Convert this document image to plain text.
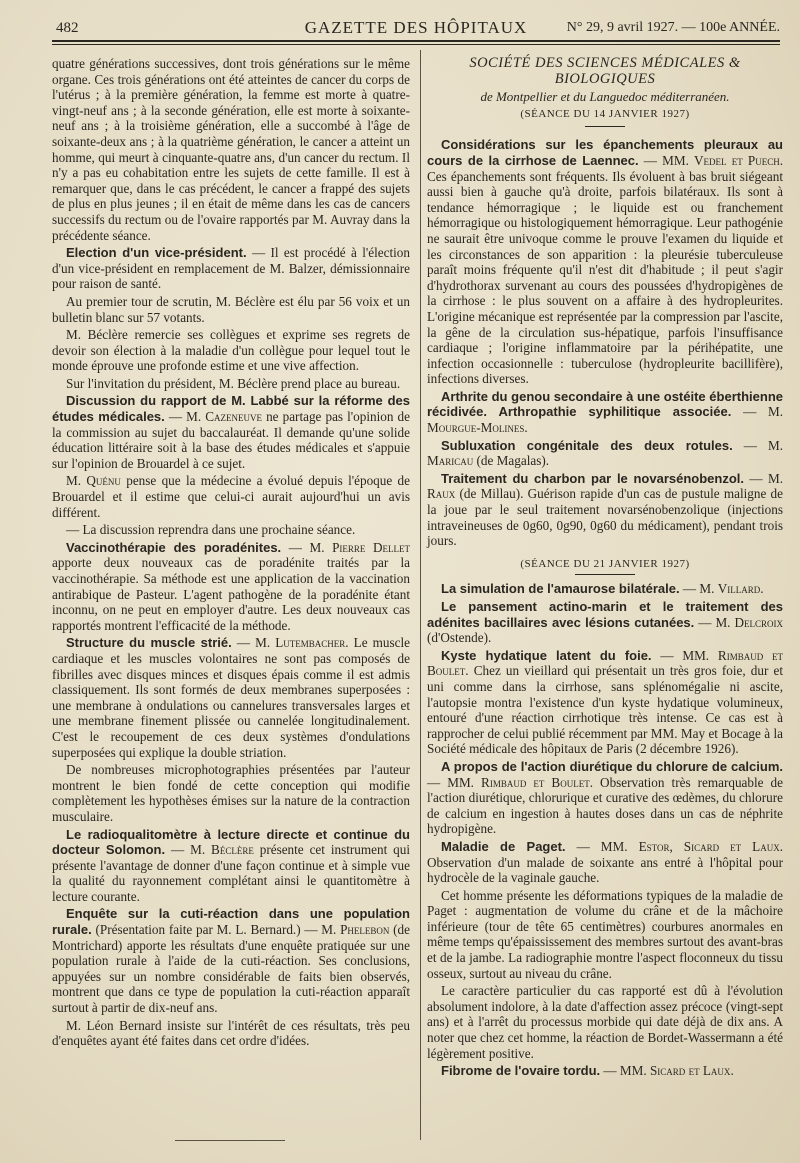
482	GAZETTE DES HÔPITAUX	N° 29, 9 avril 1927. — 100e ANNÉE.

quatre générations successives, dont trois générations sur le même organe. Ces trois générations ont été atteintes de cancer du corps de l'utérus ; à la première génération, la femme est morte à quatre-vingt-neuf ans ; à la seconde génération, elle est morte à soixante-neuf ans ; à la troisième génération, elle a succombé à l'âge de soixante-deux ans ; à la quatrième génération, le cancer a atteint un homme, qui meurt à cinquante-quatre ans, d'un cancer du rectum. Il n'y a pas eu cohabitation entre les sujets de cette famille. Il est à remarquer que, dans le cas précédent, le cancer a frappé des sujets de plus en plus jeunes ; il en était de même dans les cas de cancers successifs du rectum ou de l'ovaire rapportés par M. Auvray dans la précédente séance.

Election d'un vice-président. — Il est procédé à l'élection d'un vice-président en remplacement de M. Balzer, démissionnaire pour raison de santé.

Au premier tour de scrutin, M. Béclère est élu par 56 voix et un bulletin blanc sur 57 votants.

M. Béclère remercie ses collègues et exprime ses regrets de devoir son élection à la maladie d'un collègue pour lequel tout le monde éprouve une profonde estime et une vive affection.

Sur l'invitation du président, M. Béclère prend place au bureau.

Discussion du rapport de M. Labbé sur la réforme des études médicales. — M. Cazeneuve ne partage pas l'opinion de la commission au sujet du baccalauréat. Il demande qu'une solide éducation littéraire soit à la base des études médicales et s'appuie sur l'opinion de Brouardel à ce sujet.

M. Quénu pense que la médecine a évolué depuis l'époque de Brouardel et il estime que celui-ci aurait aujourd'hui un avis différent.

— La discussion reprendra dans une prochaine séance.

Vaccinothérapie des poradénites. — M. Pierre Dellet apporte deux nouveaux cas de poradénite traités par la vaccinothérapie. Sa méthode est une application de la vaccination antirabique de Pasteur. L'agent pathogène de la poradénite étant inconnu, on ne peut en employer d'autre. Les deux nouveaux cas rapportés montrent l'efficacité de la méthode.

Structure du muscle strié. — M. Lutembacher. Le muscle cardiaque et les muscles volontaires ne sont pas composés de fibrilles avec disques minces et disques épais comme il est admis classiquement. Ils sont formés de deux membranes superposées : une membrane à ondulations ou cannelures transversales larges et une membrane finement plissée ou cannelée longitudinalement. C'est le recoupement de ces deux systèmes d'ondulations superposées qui explique la double striation.

De nombreuses microphotographies présentées par l'auteur montrent le bien fondé de cette conception qui modifie complètement les hypothèses émises sur la nature de la contraction musculaire.

Le radioqualitomètre à lecture directe et continue du docteur Solomon. — M. Béclère présente cet instrument qui présente l'avantage de donner d'une façon continue et à simple vue la qualité du rayonnement complétant ainsi le quantitomètre à lecture courante.

Enquête sur la cuti-réaction dans une population rurale. (Présentation faite par M. L. Bernard.) — M. Phelebon (de Montrichard) apporte les résultats d'une enquête pratiquée sur une population rurale à l'aide de la cuti-réaction. Ses conclusions, appuyées sur un nombre considérable de faits bien observés, montrent que dans ce type de population la cuti-réaction apparaît surtout à partir de dix-neuf ans.

M. Léon Bernard insiste sur l'intérêt de ces résultats, très peu d'enquêtes ayant été faites dans cet ordre d'idées.

SOCIÉTÉ DES SCIENCES MÉDICALES & BIOLOGIQUES

de Montpellier et du Languedoc méditerranéen.

(SÉANCE DU 14 JANVIER 1927)

Considérations sur les épanchements pleuraux au cours de la cirrhose de Laennec. — MM. Vedel et Puech. Ces épanchements sont fréquents. Ils évoluent à bas bruit siégeant aussi bien à gauche qu'à droite, parfois bilatéraux. Ils sont à tendance hémorragique ; le liquide est ou franchement hémorragique ou histologiquement hémorragique. Leur pathogénie ne saurait être univoque comme le prouve l'examen du liquide et les circonstances de son apparition : la pleurésie tuberculeuse paraît moins fréquente qu'il n'est dit d'habitude ; il peut s'agir d'hydrothorax survenant au cours des poussées d'hydropigènes de la cirrhose : le plus souvent on a affaire à des hydropleurites. L'origine mécanique est représentée par la compression par l'ascite, la gêne de la circulation sus-hépatique, parfois l'insuffisance cardiaque ; l'origine inflammatoire par la périhépatite, une infection occasionnelle : tuberculose (hydropleurite bacillifère), infections diverses.

Arthrite du genou secondaire à une ostéite éberthienne récidivée. Arthropathie syphilitique associée. — M. Mourgue-Molines.

Subluxation congénitale des deux rotules. — M. Maricau (de Magalas).

Traitement du charbon par le novarsénobenzol. — M. Raux (de Millau). Guérison rapide d'un cas de pustule maligne de la joue par le seul traitement novarsénobenzolique (injections intraveineuses de 0g60, 0g90, 0g60 du médicament), pendant trois jours.

(SÉANCE DU 21 JANVIER 1927)

La simulation de l'amaurose bilatérale. — M. Villard.

Le pansement actino-marin et le traitement des adénites bacillaires avec lésions cutanées. — M. Delcroix (d'Ostende).

Kyste hydatique latent du foie. — MM. Rimbaud et Boulet. Chez un vieillard qui présentait un très gros foie, dur et uni comme dans la cirrhose, sans splénomégalie ni ascite, l'autopsie montra l'existence d'un kyste hydatique volumineux, entouré d'une réaction cirrhotique très intense. Ce cas est à rapprocher de celui publié récemment par MM. May et Bocage à la Société médicale des hôpitaux de Paris (2 décembre 1926).

A propos de l'action diurétique du chlorure de calcium. — MM. Rimbaud et Boulet. Observation très remarquable de l'action diurétique, chlorurique et curative des œdèmes, du chlorure de calcium en ingestion à hautes doses dans un cas de néphrite hydropigène.

Maladie de Paget. — MM. Estor, Sicard et Laux. Observation d'un malade de soixante ans entré à l'hôpital pour hydrocèle de la vaginale gauche.

Cet homme présente les déformations typiques de la maladie de Paget : augmentation de volume du crâne et de la mâchoire inférieure (tour de tête 65 centimètres) courbures anormales en même temps qu'épaississement des membres surtout des avant-bras et de la jambe. La radiographie montre l'aspect floconneux du tissu osseux, surtout au niveau du crâne.

Le caractère particulier du cas rapporté est dû à l'évolution absolument indolore, à la date d'affection assez précoce (vingt-sept ans) et à l'arrêt du processus morbide qui date déjà de dix ans. A noter que chez cet homme, la réaction de Bordet-Wassermann a été légèrement positive.

Fibrome de l'ovaire tordu. — MM. Sicard et Laux.
